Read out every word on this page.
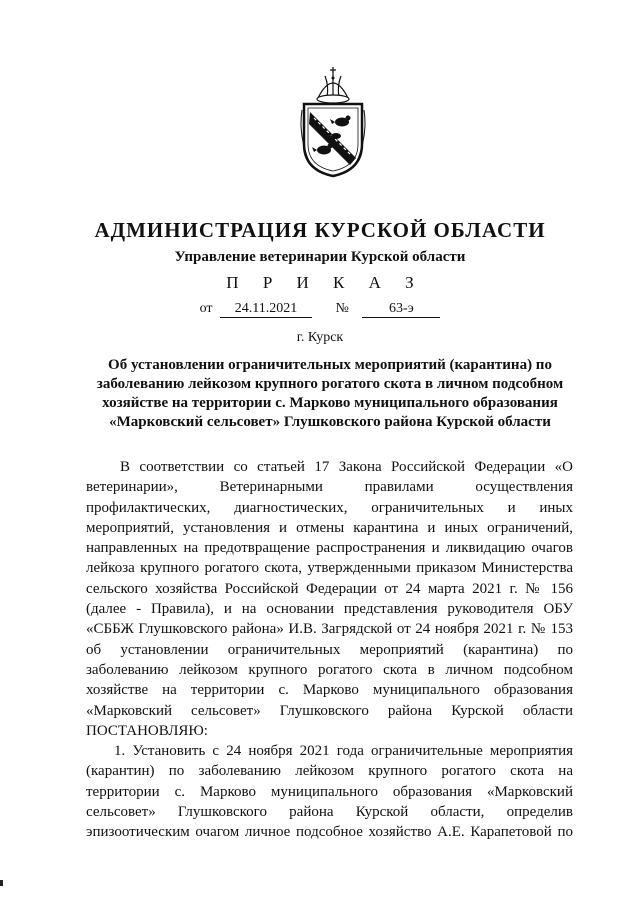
АДМИНИСТРАЦИЯ КУРСКОЙ ОБЛАСТИ
Управление ветеринарии Курской области
П Р И К А З
от 24.11.2021	№	63-э
г. Курск
Об установлении ограничительных мероприятий (карантина) по
заболеванию лейкозом крупного рогатого скота в личном подсобном
хозяйстве на территории с. Марково муниципального образования
«Марковский сельсовет» Глушковского района Курской области

В соответствии со статьей 17 Закона Российской Федерации «О

ветеринарии», Ветеринарными правилами осуществления

профилактических, диагностических, ограничительных и иных

мероприятий, установления и отмены карантина и иных ограничений,

направленных на предотвращение распространения и ликвидацию очагов

лейкоза крупного рогатого скота, утвержденными приказом Министерства

сельского хозяйства Российской Федерации от 24 марта 2021 г. № 156

(далее - Правила), и на основании представления руководителя ОБУ

«СББЖ Глушковского района» И.В. Загрядской от 24 ноября 2021 г. № 153

об установлении ограничительных мероприятий (карантина) по

заболеванию лейкозом крупного рогатого скота в личном подсобном

хозяйстве на территории с. Марково муниципального образования

«Марковский сельсовет» Глушковского района Курской области

ПОСТАНОВЛЯЮ:

1. Установить с 24 ноября 2021 года ограничительные мероприятия

(карантин) по заболеванию лейкозом крупного рогатого скота на

территории с. Марково муниципального образования «Марковский

сельсовет» Глушковского района Курской области, определив

эпизоотическим очагом личное подсобное хозяйство А.Е. Карапетовой по
